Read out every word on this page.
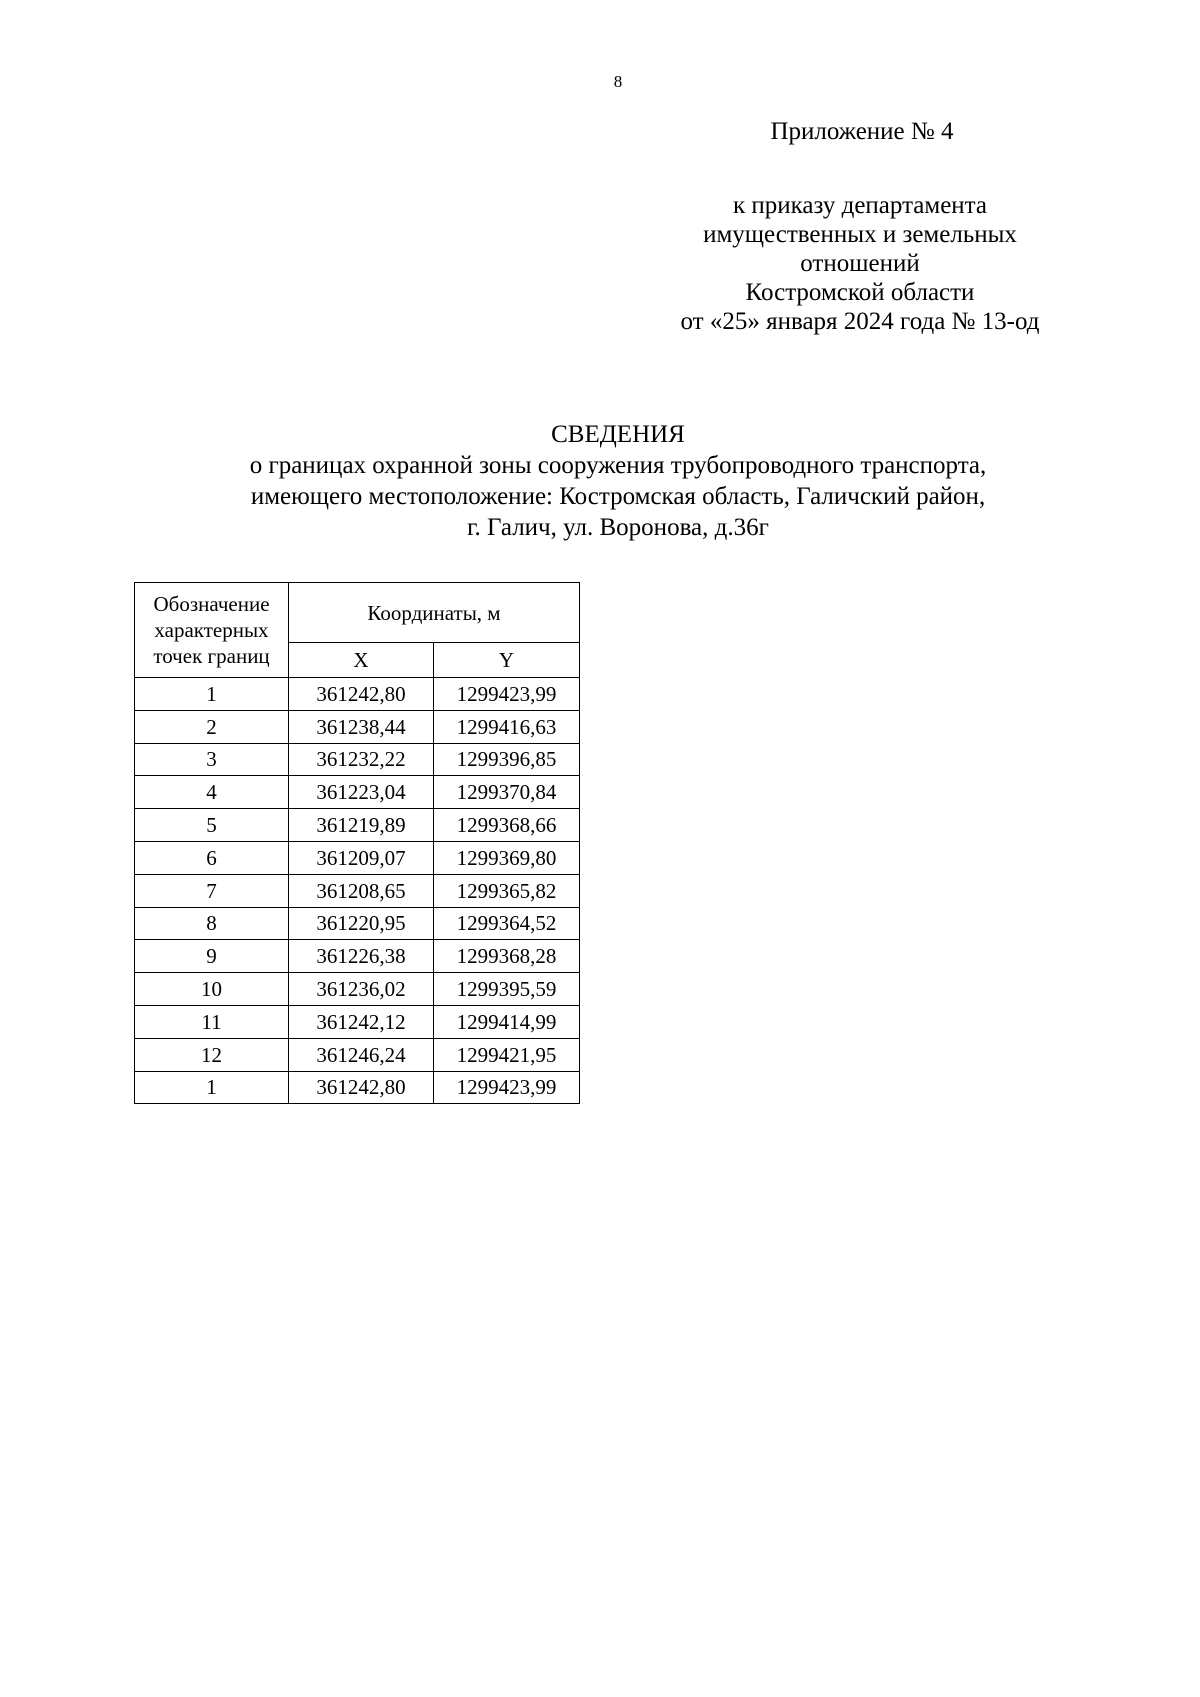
8
Приложение № 4
к приказу департамента
имущественных и земельных
отношений
Костромской области
от «25» января 2024 года № 13-од
СВЕДЕНИЯ
о границах охранной зоны сооружения трубопроводного транспорта,
имеющего местоположение: Костромская область, Галичский район,
г. Галич, ул. Воронова, д.36г
Обозначение характерных точек границ	Координаты, м	
	X	Y
1	361242,80	1299423,99
2	361238,44	1299416,63
3	361232,22	1299396,85
4	361223,04	1299370,84
5	361219,89	1299368,66
6	361209,07	1299369,80
7	361208,65	1299365,82
8	361220,95	1299364,52
9	361226,38	1299368,28
10	361236,02	1299395,59
11	361242,12	1299414,99
12	361246,24	1299421,95
1	361242,80	1299423,99
